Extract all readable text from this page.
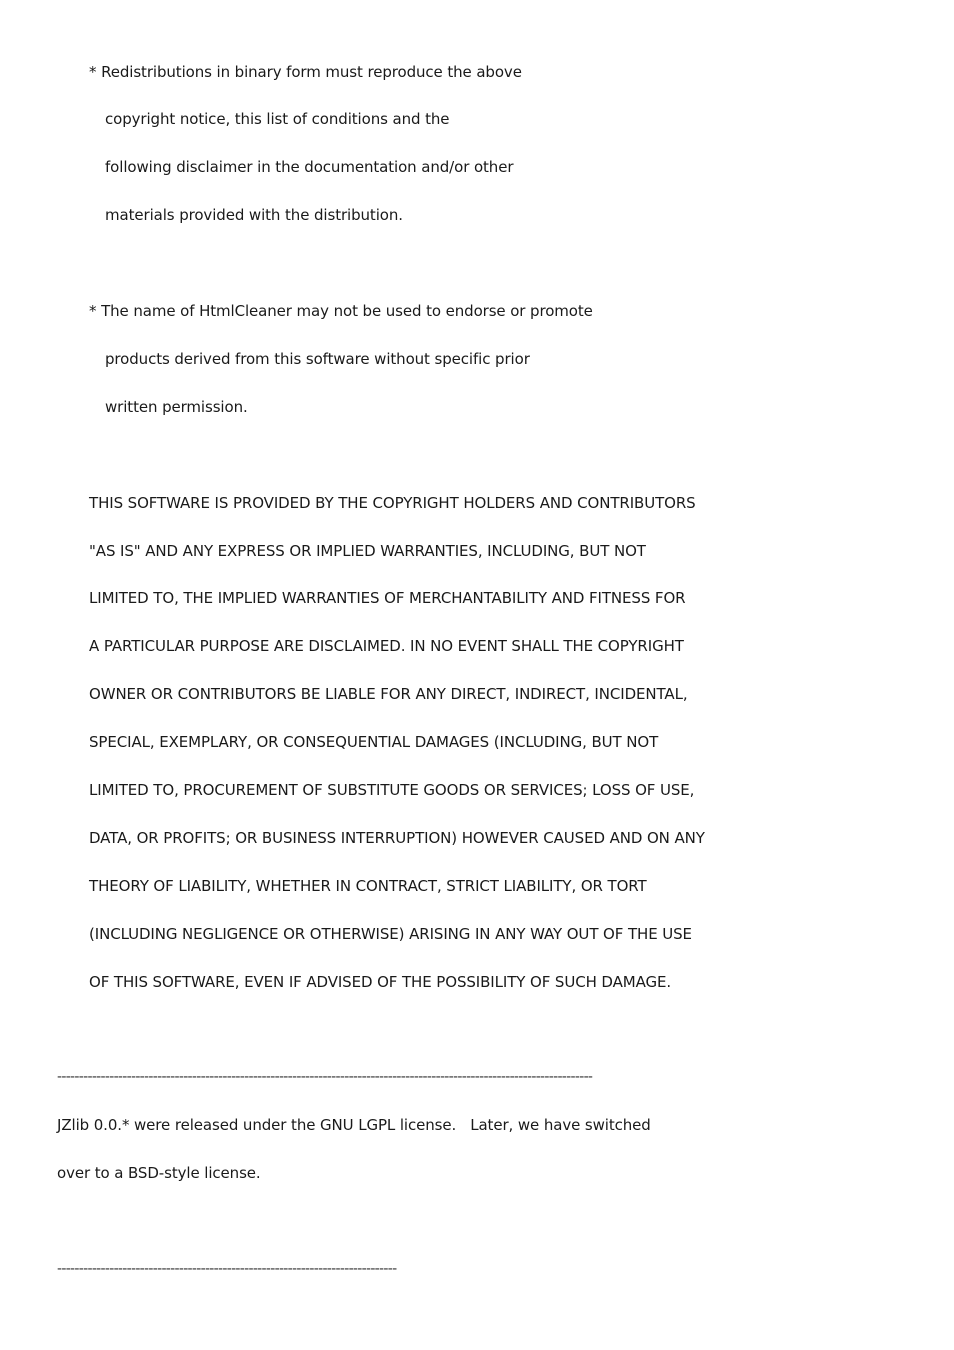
* Redistributions in binary form must reproduce the above
copyright notice, this list of conditions and the
following disclaimer in the documentation and/or other
materials provided with the distribution.
* The name of HtmlCleaner may not be used to endorse or promote
products derived from this software without specific prior
written permission.
THIS SOFTWARE IS PROVIDED BY THE COPYRIGHT HOLDERS AND CONTRIBUTORS
"AS IS" AND ANY EXPRESS OR IMPLIED WARRANTIES, INCLUDING, BUT NOT
LIMITED TO, THE IMPLIED WARRANTIES OF MERCHANTABILITY AND FITNESS FOR
A PARTICULAR PURPOSE ARE DISCLAIMED. IN NO EVENT SHALL THE COPYRIGHT
OWNER OR CONTRIBUTORS BE LIABLE FOR ANY DIRECT, INDIRECT, INCIDENTAL,
SPECIAL, EXEMPLARY, OR CONSEQUENTIAL DAMAGES (INCLUDING, BUT NOT
LIMITED TO, PROCUREMENT OF SUBSTITUTE GOODS OR SERVICES; LOSS OF USE,
DATA, OR PROFITS; OR BUSINESS INTERRUPTION) HOWEVER CAUSED AND ON ANY
THEORY OF LIABILITY, WHETHER IN CONTRACT, STRICT LIABILITY, OR TORT
(INCLUDING NEGLIGENCE OR OTHERWISE) ARISING IN ANY WAY OUT OF THE USE
OF THIS SOFTWARE, EVEN IF ADVISED OF THE POSSIBILITY OF SUCH DAMAGE.
---------------------------------------------------------------------------------------------------------------------------
JZlib 0.0.* were released under the GNU LGPL license.   Later, we have switched
over to a BSD-style license.
------------------------------------------------------------------------------
